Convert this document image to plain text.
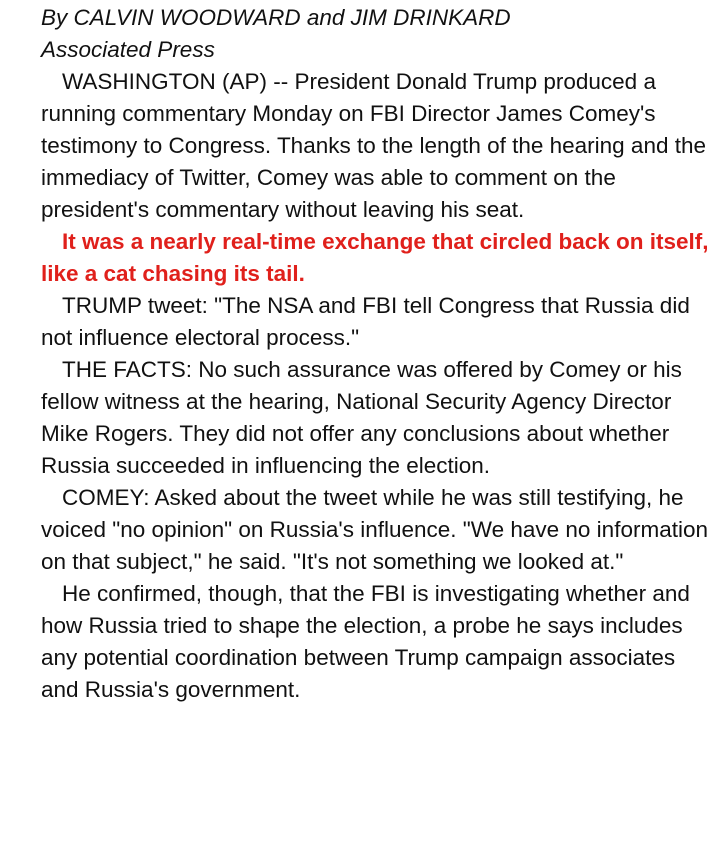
By CALVIN WOODWARD and JIM DRINKARD
Associated Press

WASHINGTON (AP) -- President Donald Trump produced a running commentary Monday on FBI Director James Comey's testimony to Congress. Thanks to the length of the hearing and the immediacy of Twitter, Comey was able to comment on the president's commentary without leaving his seat.

It was a nearly real-time exchange that circled back on itself, like a cat chasing its tail.

TRUMP tweet: "The NSA and FBI tell Congress that Russia did not influence electoral process."

THE FACTS: No such assurance was offered by Comey or his fellow witness at the hearing, National Security Agency Director Mike Rogers. They did not offer any conclusions about whether Russia succeeded in influencing the election.

COMEY: Asked about the tweet while he was still testifying, he voiced "no opinion" on Russia's influence. "We have no information on that subject," he said. "It's not something we looked at."

He confirmed, though, that the FBI is investigating whether and how Russia tried to shape the election, a probe he says includes any potential coordination between Trump campaign associates and Russia's government.
